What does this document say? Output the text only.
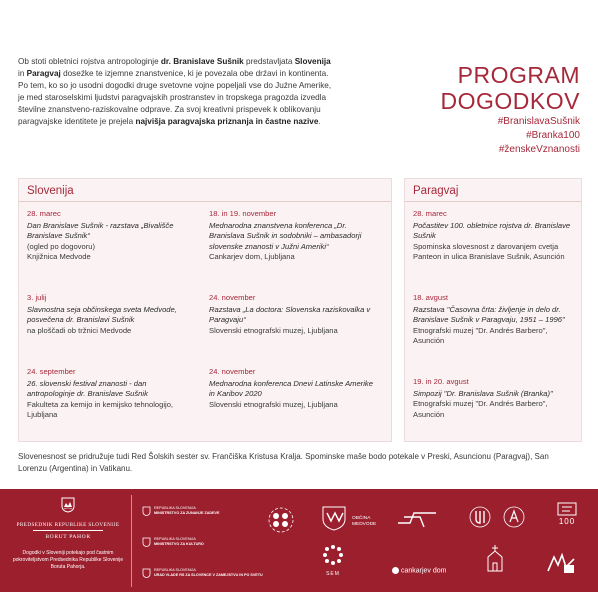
Ob stoti obletnici rojstva antropologinje dr. Branislave Sušnik predstavljata Slovenija in Paragvaj doseźke te izjemne znanstvenice, ki je povezala obe drźavi in kontinenta. Po tem, ko so jo usodni dogodki druge svetovne vojne popeljali vse do Juźne Amerike, je med staroselskimi ljudstvi paragvajskih prostranstev in tropskega pragozda izvedla številne znanstveno-raziskovalne odprave. Za svoj kreativni prispevek k oblikovanju paragvajske identitete je prejela najvišja paragvajska priznanja in častne nazive.
PROGRAM
DOGODKOV
#BranislavaSušnik
#Branka100
#ženskeVznanosti
Slovenija
28. marec
Dan Branislave Sušnik - razstava „Bivališče Branislave Sušnik“
(ogled po dogovoru)
Knjižnica Medvode
3. julij
Slavnostna seja občinskega sveta Medvode, posvečena dr. Branislavi Sušnik
na ploščadi ob tržnici Medvode
24. september
26. slovenski festival znanosti - dan antropologinje dr. Branislave Sušnik
Fakulteta za kemijo in kemijsko tehnologijo, Ljubljana
18. in 19. november
Mednarodna znanstvena konferenca „Dr. Branislava Sušnik in sodobniki – ambasadorji slovenske znanosti v Južni Ameriki“
Cankarjev dom, Ljubljana
24. november
Razstava „La doctora: Slovenska raziskovalka v Paragvaju“
Slovenski etnografski muzej, Ljubljana
24. november
Mednarodna konferenca Dnevi Latinske Amerike in Karibov 2020
Slovenski etnografski muzej, Ljubljana
Paragvaj
28. marec
Počastitev 100. obletnice rojstva dr. Branislave Sušnik
Spominska slovesnost z darovanjem cvetja Panteon in ulica Branislave Sušnik, Asunción
18. avgust
Razstava "Časovna črta: življenje in delo dr. Branislave Sušnik v Paragvaju, 1951 – 1996"
Etnografski muzej "Dr. Andrés Barbero", Asunción
19. in 20. avgust
Simpozij "Dr. Branislava Sušnik (Branka)"
Etnografski muzej "Dr. Andrés Barbero", Asunción
Slovenesnost se pridružuje tudi Red Šolskih sester sv. Frančiška Kristusa Kralja. Spominske maše bodo potekale v Preski, Asuncionu (Paragvaj), San Lorenzu (Argentina) in Vatikanu.
PREDSEDNIK REPUBLIKE SLOVENIJE
BORUT PAHOR
Dogodki v Sloveniji potekajo pod častnim pokroviteljstvom Predsednika Republike Slovenije Boruta Pahorja.
REPUBLIKA SLOVENIJA
MINISTRSTVO ZA ZUNANJE ZADEVE
REPUBLIKA SLOVENIJA
MINISTRSTVO ZA KULTURO
REPUBLIKA SLOVENIJA
URAD VLADE RS ZA SLOVENCE V ZAMEJSTVU IN PO SVETU
OBČINA MEDVODE	100
SEM	cankarjev dom
